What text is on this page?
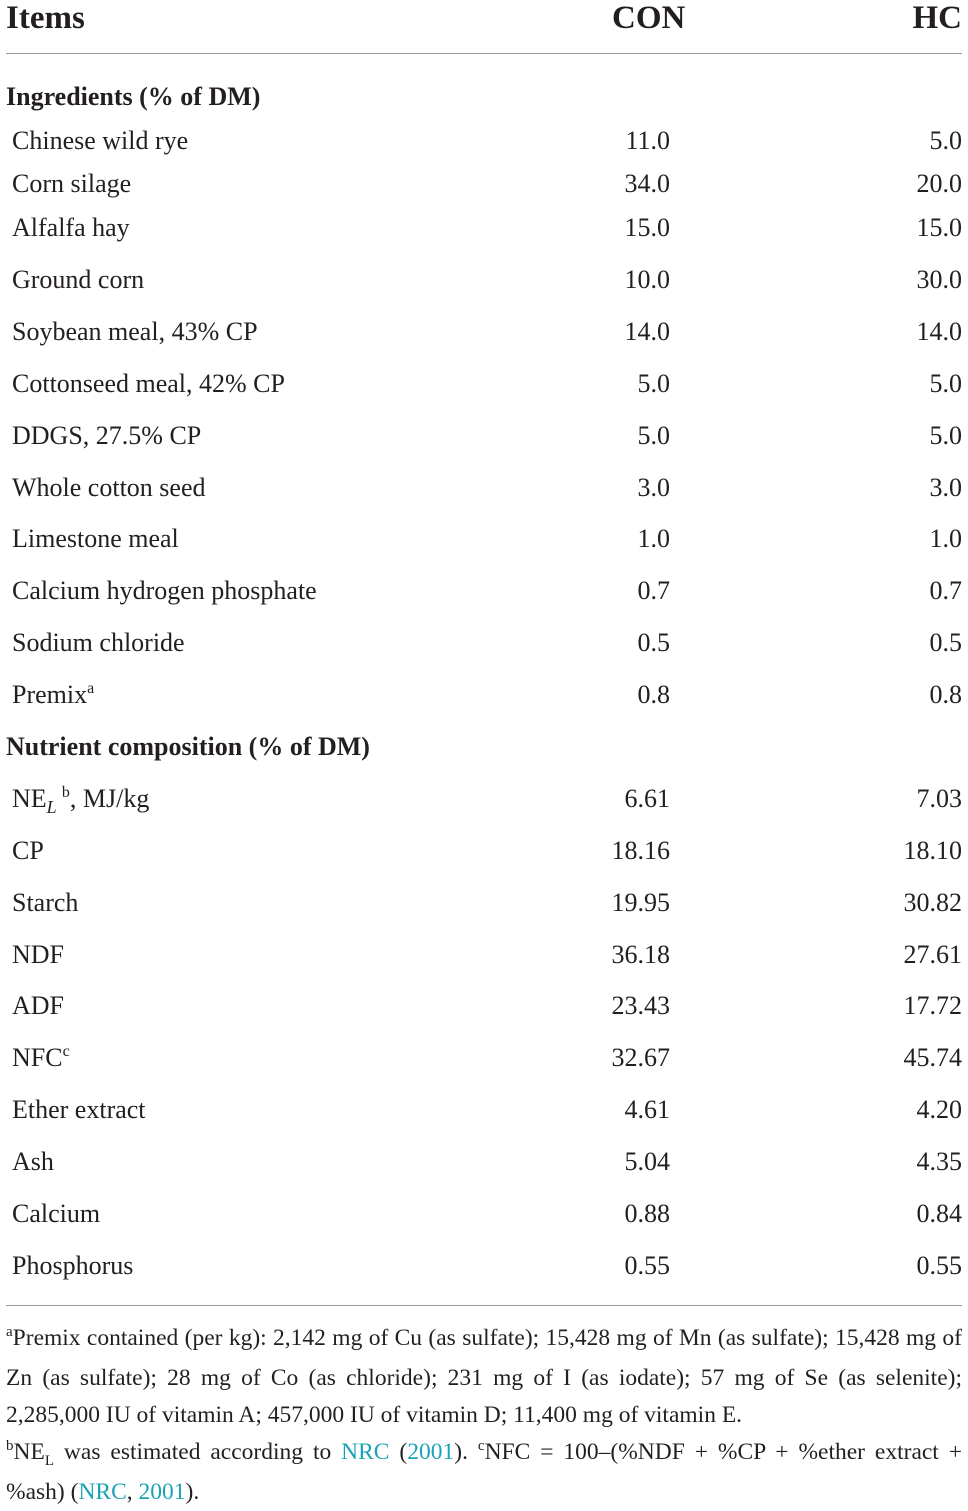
Items	CON	HC
Ingredients (% of DM)
Chinese wild rye	11.0	5.0
Corn silage	34.0	20.0
Alfalfa hay	15.0	15.0
Ground corn	10.0	30.0
Soybean meal, 43% CP	14.0	14.0
Cottonseed meal, 42% CP	5.0	5.0
DDGS, 27.5% CP	5.0	5.0
Whole cotton seed	3.0	3.0
Limestone meal	1.0	1.0
Calcium hydrogen phosphate	0.7	0.7
Sodium chloride	0.5	0.5
Premix$^a$	0.8	0.8
Nutrient composition (% of DM)
$NE_L$ $^b$, MJ/kg	6.61	7.03
CP	18.16	18.10
Starch	19.95	30.82
NDF	36.18	27.61
ADF	23.43	17.72
NFC$^c$	32.67	45.74
Ether extract	4.61	4.20
Ash	5.04	4.35
Calcium	0.88	0.84
Phosphorus	0.55	0.55
$^a$Premix contained (per kg): 2,142 mg of Cu (as sulfate); 15,428 mg of Mn (as sulfate); 15,428 mg of Zn (as sulfate); 28 mg of Co (as chloride); 231 mg of I (as iodate); 57 mg of Se (as selenite); 2,285,000 IU of vitamin A; 457,000 IU of vitamin D; 11,400 mg of vitamin E.
$^bNE_L$ was estimated according to NRC (2001). $^c$NFC = 100–(%NDF + %CP + %ether extract + %ash) (NRC, 2001).
